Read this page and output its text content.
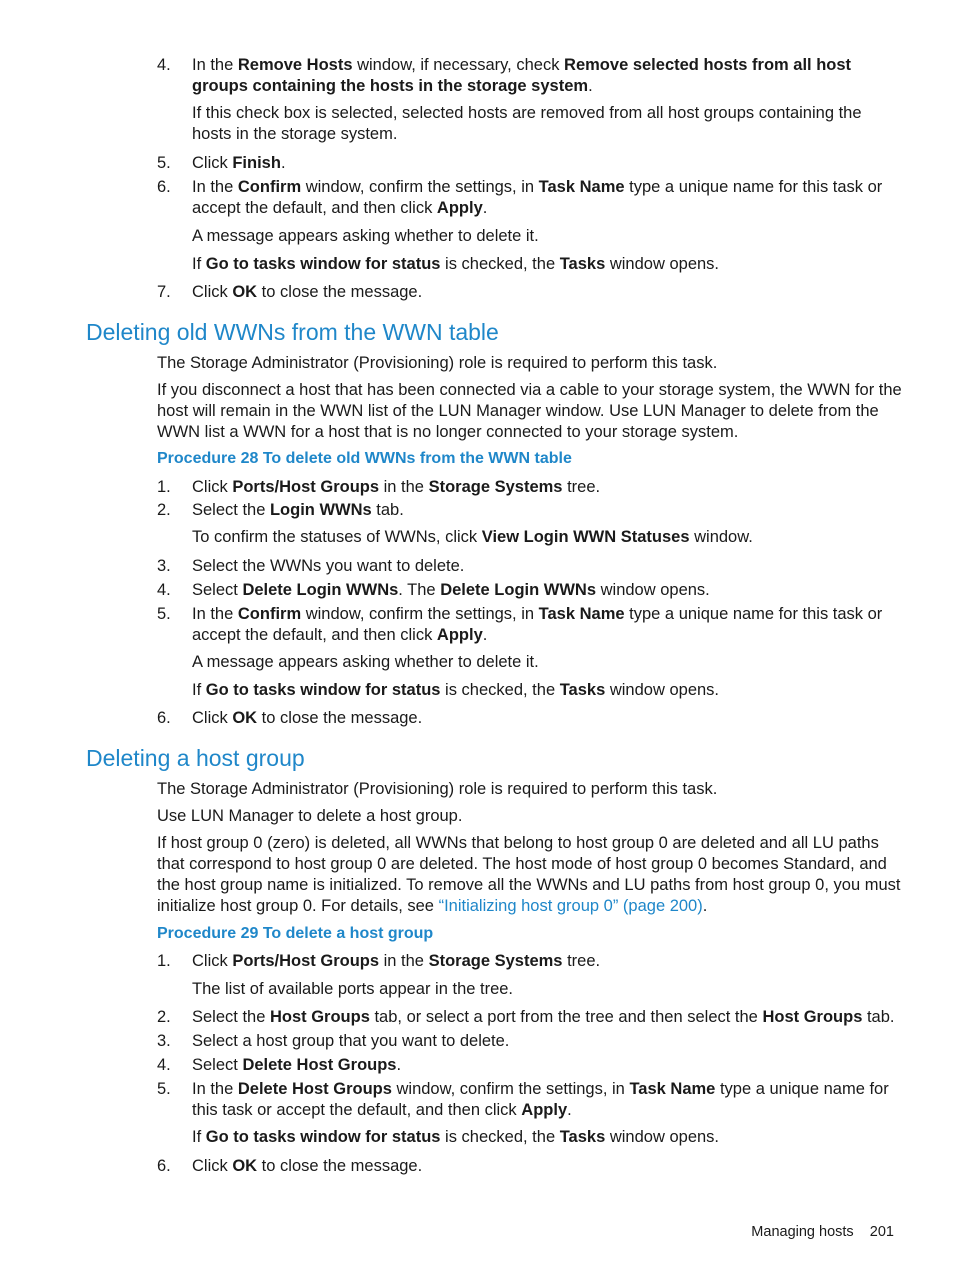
4.	In the Remove Hosts window, if necessary, check Remove selected hosts from all host groups containing the hosts in the storage system.
If this check box is selected, selected hosts are removed from all host groups containing the hosts in the storage system.
5.	Click Finish.
6.	In the Confirm window, confirm the settings, in Task Name type a unique name for this task or accept the default, and then click Apply.
A message appears asking whether to delete it.
If Go to tasks window for status is checked, the Tasks window opens.
7.	Click OK to close the message.
Deleting old WWNs from the WWN table
The Storage Administrator (Provisioning) role is required to perform this task.
If you disconnect a host that has been connected via a cable to your storage system, the WWN for the host will remain in the WWN list of the LUN Manager window. Use LUN Manager to delete from the WWN list a WWN for a host that is no longer connected to your storage system.
Procedure 28 To delete old WWNs from the WWN table
1.	Click Ports/Host Groups in the Storage Systems tree.
2.	Select the Login WWNs tab.
To confirm the statuses of WWNs, click View Login WWN Statuses window.
3.	Select the WWNs you want to delete.
4.	Select Delete Login WWNs. The Delete Login WWNs window opens.
5.	In the Confirm window, confirm the settings, in Task Name type a unique name for this task or accept the default, and then click Apply.
A message appears asking whether to delete it.
If Go to tasks window for status is checked, the Tasks window opens.
6.	Click OK to close the message.
Deleting a host group
The Storage Administrator (Provisioning) role is required to perform this task.
Use LUN Manager to delete a host group.
If host group 0 (zero) is deleted, all WWNs that belong to host group 0 are deleted and all LU paths that correspond to host group 0 are deleted. The host mode of host group 0 becomes Standard, and the host group name is initialized. To remove all the WWNs and LU paths from host group 0, you must initialize host group 0. For details, see “Initializing host group 0” (page 200).
Procedure 29 To delete a host group
1.	Click Ports/Host Groups in the Storage Systems tree.
The list of available ports appear in the tree.
2.	Select the Host Groups tab, or select a port from the tree and then select the Host Groups tab.
3.	Select a host group that you want to delete.
4.	Select Delete Host Groups.
5.	In the Delete Host Groups window, confirm the settings, in Task Name type a unique name for this task or accept the default, and then click Apply.
If Go to tasks window for status is checked, the Tasks window opens.
6.	Click OK to close the message.
Managing hosts 201
